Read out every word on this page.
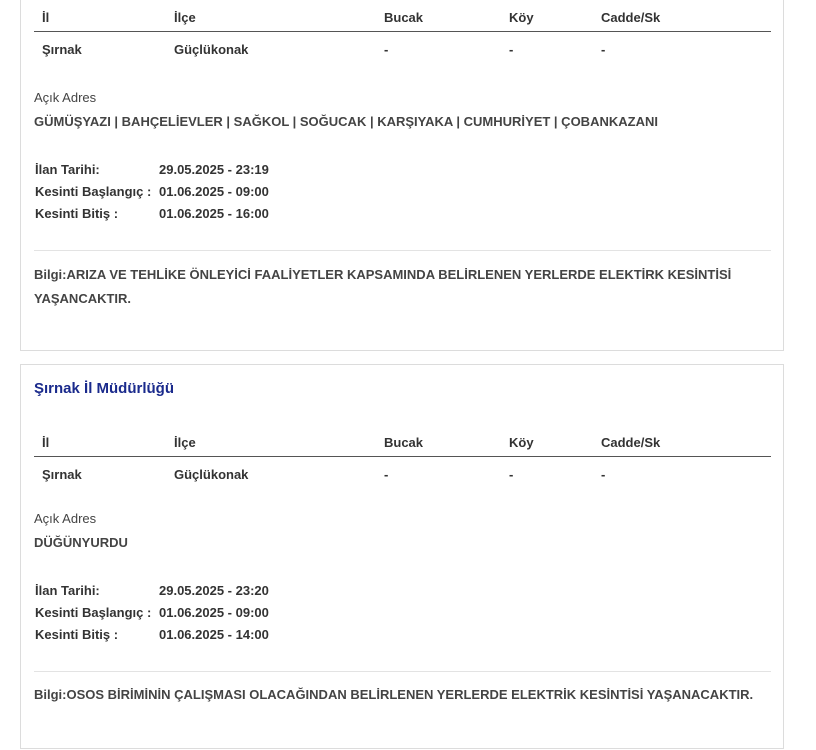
İl	İlçe	Bucak	Köy	Cadde/Sk
Şırnak	Güçlükonak	-	-	-
Açık Adres
GÜMÜŞYAZI | BAHÇELİEVLER | SAĞKOL | SOĞUCAK | KARŞIYAKA | CUMHURİYET | ÇOBANKAZANI
İlan Tarihi:	29.05.2025 - 23:19
Kesinti Başlangıç : 01.06.2025 - 09:00
Kesinti Bitiş :	01.06.2025 - 16:00
Bilgi:ARIZA VE TEHLİKE ÖNLEYİCİ FAALİYETLER KAPSAMINDA BELİRLENEN YERLERDE ELEKTİRK KESİNTİSİ YAŞANCAKTIR.
Şırnak İl Müdürlüğü
İl	İlçe	Bucak	Köy	Cadde/Sk
Şırnak	Güçlükonak	-	-	-
Açık Adres
DÜĞÜNYURDU
İlan Tarihi:	29.05.2025 - 23:20
Kesinti Başlangıç : 01.06.2025 - 09:00
Kesinti Bitiş :	01.06.2025 - 14:00
Bilgi:OSOS BİRİMİNİN ÇALIŞMASI OLACAĞINDAN BELİRLENEN YERLERDE ELEKTRİK KESİNTİSİ YAŞANACAKTIR.
